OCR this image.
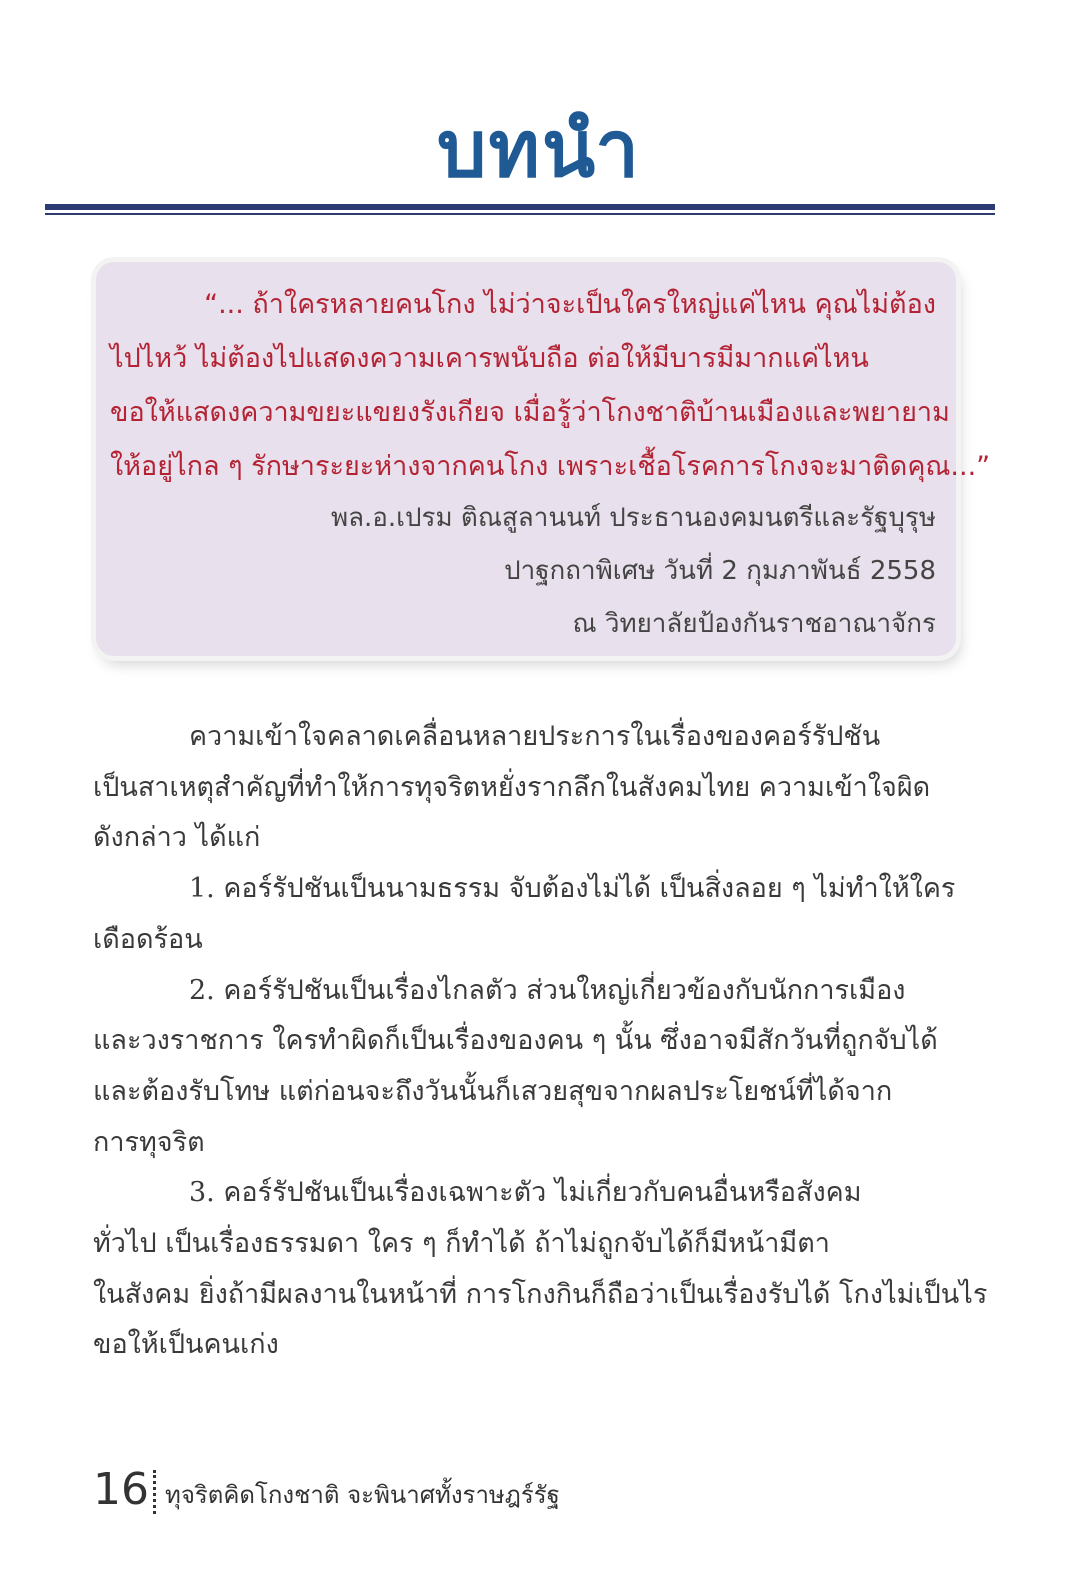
บทนำ
“... ถ้าใครหลายคนโกง ไม่ว่าจะเป็นใครใหญ่แค่ไหน คุณไม่ต้อง
ไปไหว้ ไม่ต้องไปแสดงความเคารพนับถือ ต่อให้มีบารมีมากแค่ไหน
ขอให้แสดงความขยะแขยงรังเกียจ เมื่อรู้ว่าโกงชาติบ้านเมืองและพยายาม
ให้อยู่ไกล ๆ รักษาระยะห่างจากคนโกง เพราะเชื้อโรคการโกงจะมาติดคุณ...”
พล.อ.เปรม ติณสูลานนท์ ประธานองคมนตรีและรัฐบุรุษ
ปาฐกถาพิเศษ วันที่ 2 กุมภาพันธ์ 2558
ณ วิทยาลัยป้องกันราชอาณาจักร
ความเข้าใจคลาดเคลื่อนหลายประการในเรื่องของคอร์รัปชัน
เป็นสาเหตุสำคัญที่ทำให้การทุจริตหยั่งรากลึกในสังคมไทย ความเข้าใจผิด
ดังกล่าว ได้แก่
1. คอร์รัปชันเป็นนามธรรม จับต้องไม่ได้ เป็นสิ่งลอย ๆ ไม่ทำให้ใคร
เดือดร้อน
2. คอร์รัปชันเป็นเรื่องไกลตัว ส่วนใหญ่เกี่ยวข้องกับนักการเมือง
และวงราชการ ใครทำผิดก็เป็นเรื่องของคน ๆ นั้น ซึ่งอาจมีสักวันที่ถูกจับได้
และต้องรับโทษ แต่ก่อนจะถึงวันนั้นก็เสวยสุขจากผลประโยชน์ที่ได้จาก
การทุจริต
3. คอร์รัปชันเป็นเรื่องเฉพาะตัว ไม่เกี่ยวกับคนอื่นหรือสังคม
ทั่วไป เป็นเรื่องธรรมดา ใคร ๆ ก็ทำได้ ถ้าไม่ถูกจับได้ก็มีหน้ามีตา
ในสังคม ยิ่งถ้ามีผลงานในหน้าที่ การโกงกินก็ถือว่าเป็นเรื่องรับได้ โกงไม่เป็นไร
ขอให้เป็นคนเก่ง
16 ทุจริตคิดโกงชาติ จะพินาศทั้งราษฎร์รัฐ
